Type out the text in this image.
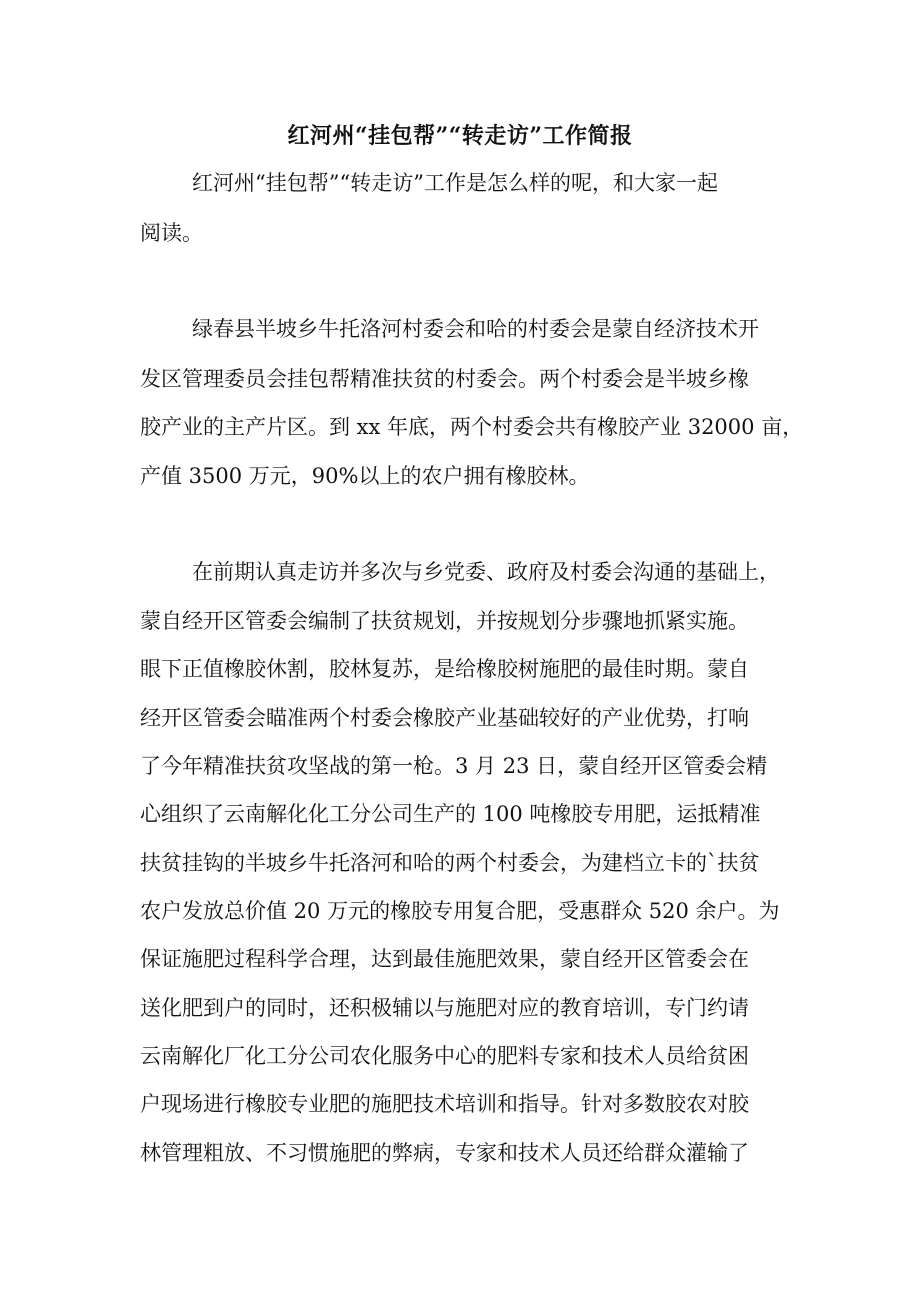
红河州“挂包帮”“转走访”工作简报
红河州“挂包帮”“转走访”工作是怎么样的呢，和大家一起
阅读。
绿春县半坡乡牛托洛河村委会和哈的村委会是蒙自经济技术开
发区管理委员会挂包帮精准扶贫的村委会。两个村委会是半坡乡橡
胶产业的主产片区。到 xx 年底，两个村委会共有橡胶产业 32000 亩，
产值 3500 万元，90%以上的农户拥有橡胶林。
在前期认真走访并多次与乡党委、政府及村委会沟通的基础上，
蒙自经开区管委会编制了扶贫规划，并按规划分步骤地抓紧实施。
眼下正值橡胶休割，胶林复苏，是给橡胶树施肥的最佳时期。蒙自
经开区管委会瞄准两个村委会橡胶产业基础较好的产业优势，打响
了今年精准扶贫攻坚战的第一枪。3 月 23 日，蒙自经开区管委会精
心组织了云南解化化工分公司生产的 100 吨橡胶专用肥，运抵精准
扶贫挂钩的半坡乡牛托洛河和哈的两个村委会，为建档立卡的`扶贫
农户发放总价值 20 万元的橡胶专用复合肥，受惠群众 520 余户。为
保证施肥过程科学合理，达到最佳施肥效果，蒙自经开区管委会在
送化肥到户的同时，还积极辅以与施肥对应的教育培训，专门约请
云南解化厂化工分公司农化服务中心的肥料专家和技术人员给贫困
户现场进行橡胶专业肥的施肥技术培训和指导。针对多数胶农对胶
林管理粗放、不习惯施肥的弊病，专家和技术人员还给群众灌输了
